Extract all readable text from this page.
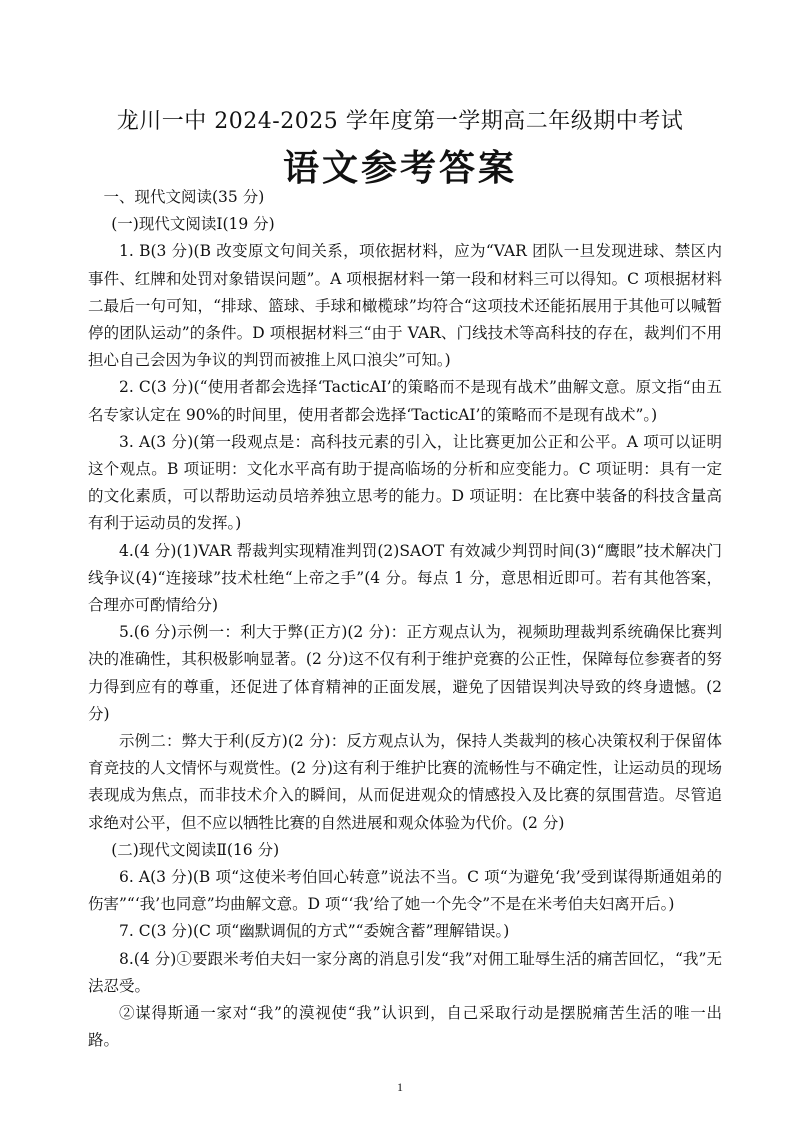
龙川一中 2024-2025 学年度第一学期高二年级期中考试
语文参考答案

一、现代文阅读(35 分)

(一)现代文阅读Ⅰ(19 分)

1. B(3 分)(B 改变原文句间关系，项依据材料，应为“VAR 团队一旦发现进球、禁区内事件、红牌和处罚对象错误问题”。A 项根据材料一第一段和材料三可以得知。C 项根据材料二最后一句可知，“排球、篮球、手球和橄榄球”均符合“这项技术还能拓展用于其他可以喊暂停的团队运动”的条件。D 项根据材料三“由于 VAR、门线技术等高科技的存在，裁判们不用担心自己会因为争议的判罚而被推上风口浪尖”可知。)

2. C(3 分)(“使用者都会选择‘TacticAI’的策略而不是现有战术”曲解文意。原文指“由五名专家认定在 90%的时间里，使用者都会选择‘TacticAI’的策略而不是现有战术”。)

3. A(3 分)(第一段观点是：高科技元素的引入，让比赛更加公正和公平。A 项可以证明这个观点。B 项证明：文化水平高有助于提高临场的分析和应变能力。C 项证明：具有一定的文化素质，可以帮助运动员培养独立思考的能力。D 项证明：在比赛中装备的科技含量高有利于运动员的发挥。)

4.(4 分)(1)VAR 帮裁判实现精准判罚(2)SAOT 有效减少判罚时间(3)“鹰眼”技术解决门线争议(4)“连接球”技术杜绝“上帝之手”(4 分。每点 1 分，意思相近即可。若有其他答案，合理亦可酌情给分)

5.(6 分)示例一：利大于弊(正方)(2 分)：正方观点认为，视频助理裁判系统确保比赛判决的准确性，其积极影响显著。(2 分)这不仅有利于维护竞赛的公正性，保障每位参赛者的努力得到应有的尊重，还促进了体育精神的正面发展，避免了因错误判决导致的终身遗憾。(2 分)

示例二：弊大于利(反方)(2 分)：反方观点认为，保持人类裁判的核心决策权利于保留体育竞技的人文情怀与观赏性。(2 分)这有利于维护比赛的流畅性与不确定性，让运动员的现场表现成为焦点，而非技术介入的瞬间，从而促进观众的情感投入及比赛的氛围营造。尽管追求绝对公平，但不应以牺牲比赛的自然进展和观众体验为代价。(2 分)

(二)现代文阅读Ⅱ(16 分)

6. A(3 分)(B 项“这使米考伯回心转意”说法不当。C 项“为避免‘我’受到谋得斯通姐弟的伤害”“‘我’也同意”均曲解文意。D 项“‘我’给了她一个先令”不是在米考伯夫妇离开后。)

7. C(3 分)(C 项“幽默调侃的方式”“委婉含蓄”理解错误。)

8.(4 分)①要跟米考伯夫妇一家分离的消息引发“我”对佣工耻辱生活的痛苦回忆，“我”无法忍受。

②谋得斯通一家对“我”的漠视使“我”认识到，自己采取行动是摆脱痛苦生活的唯一出路。

1
